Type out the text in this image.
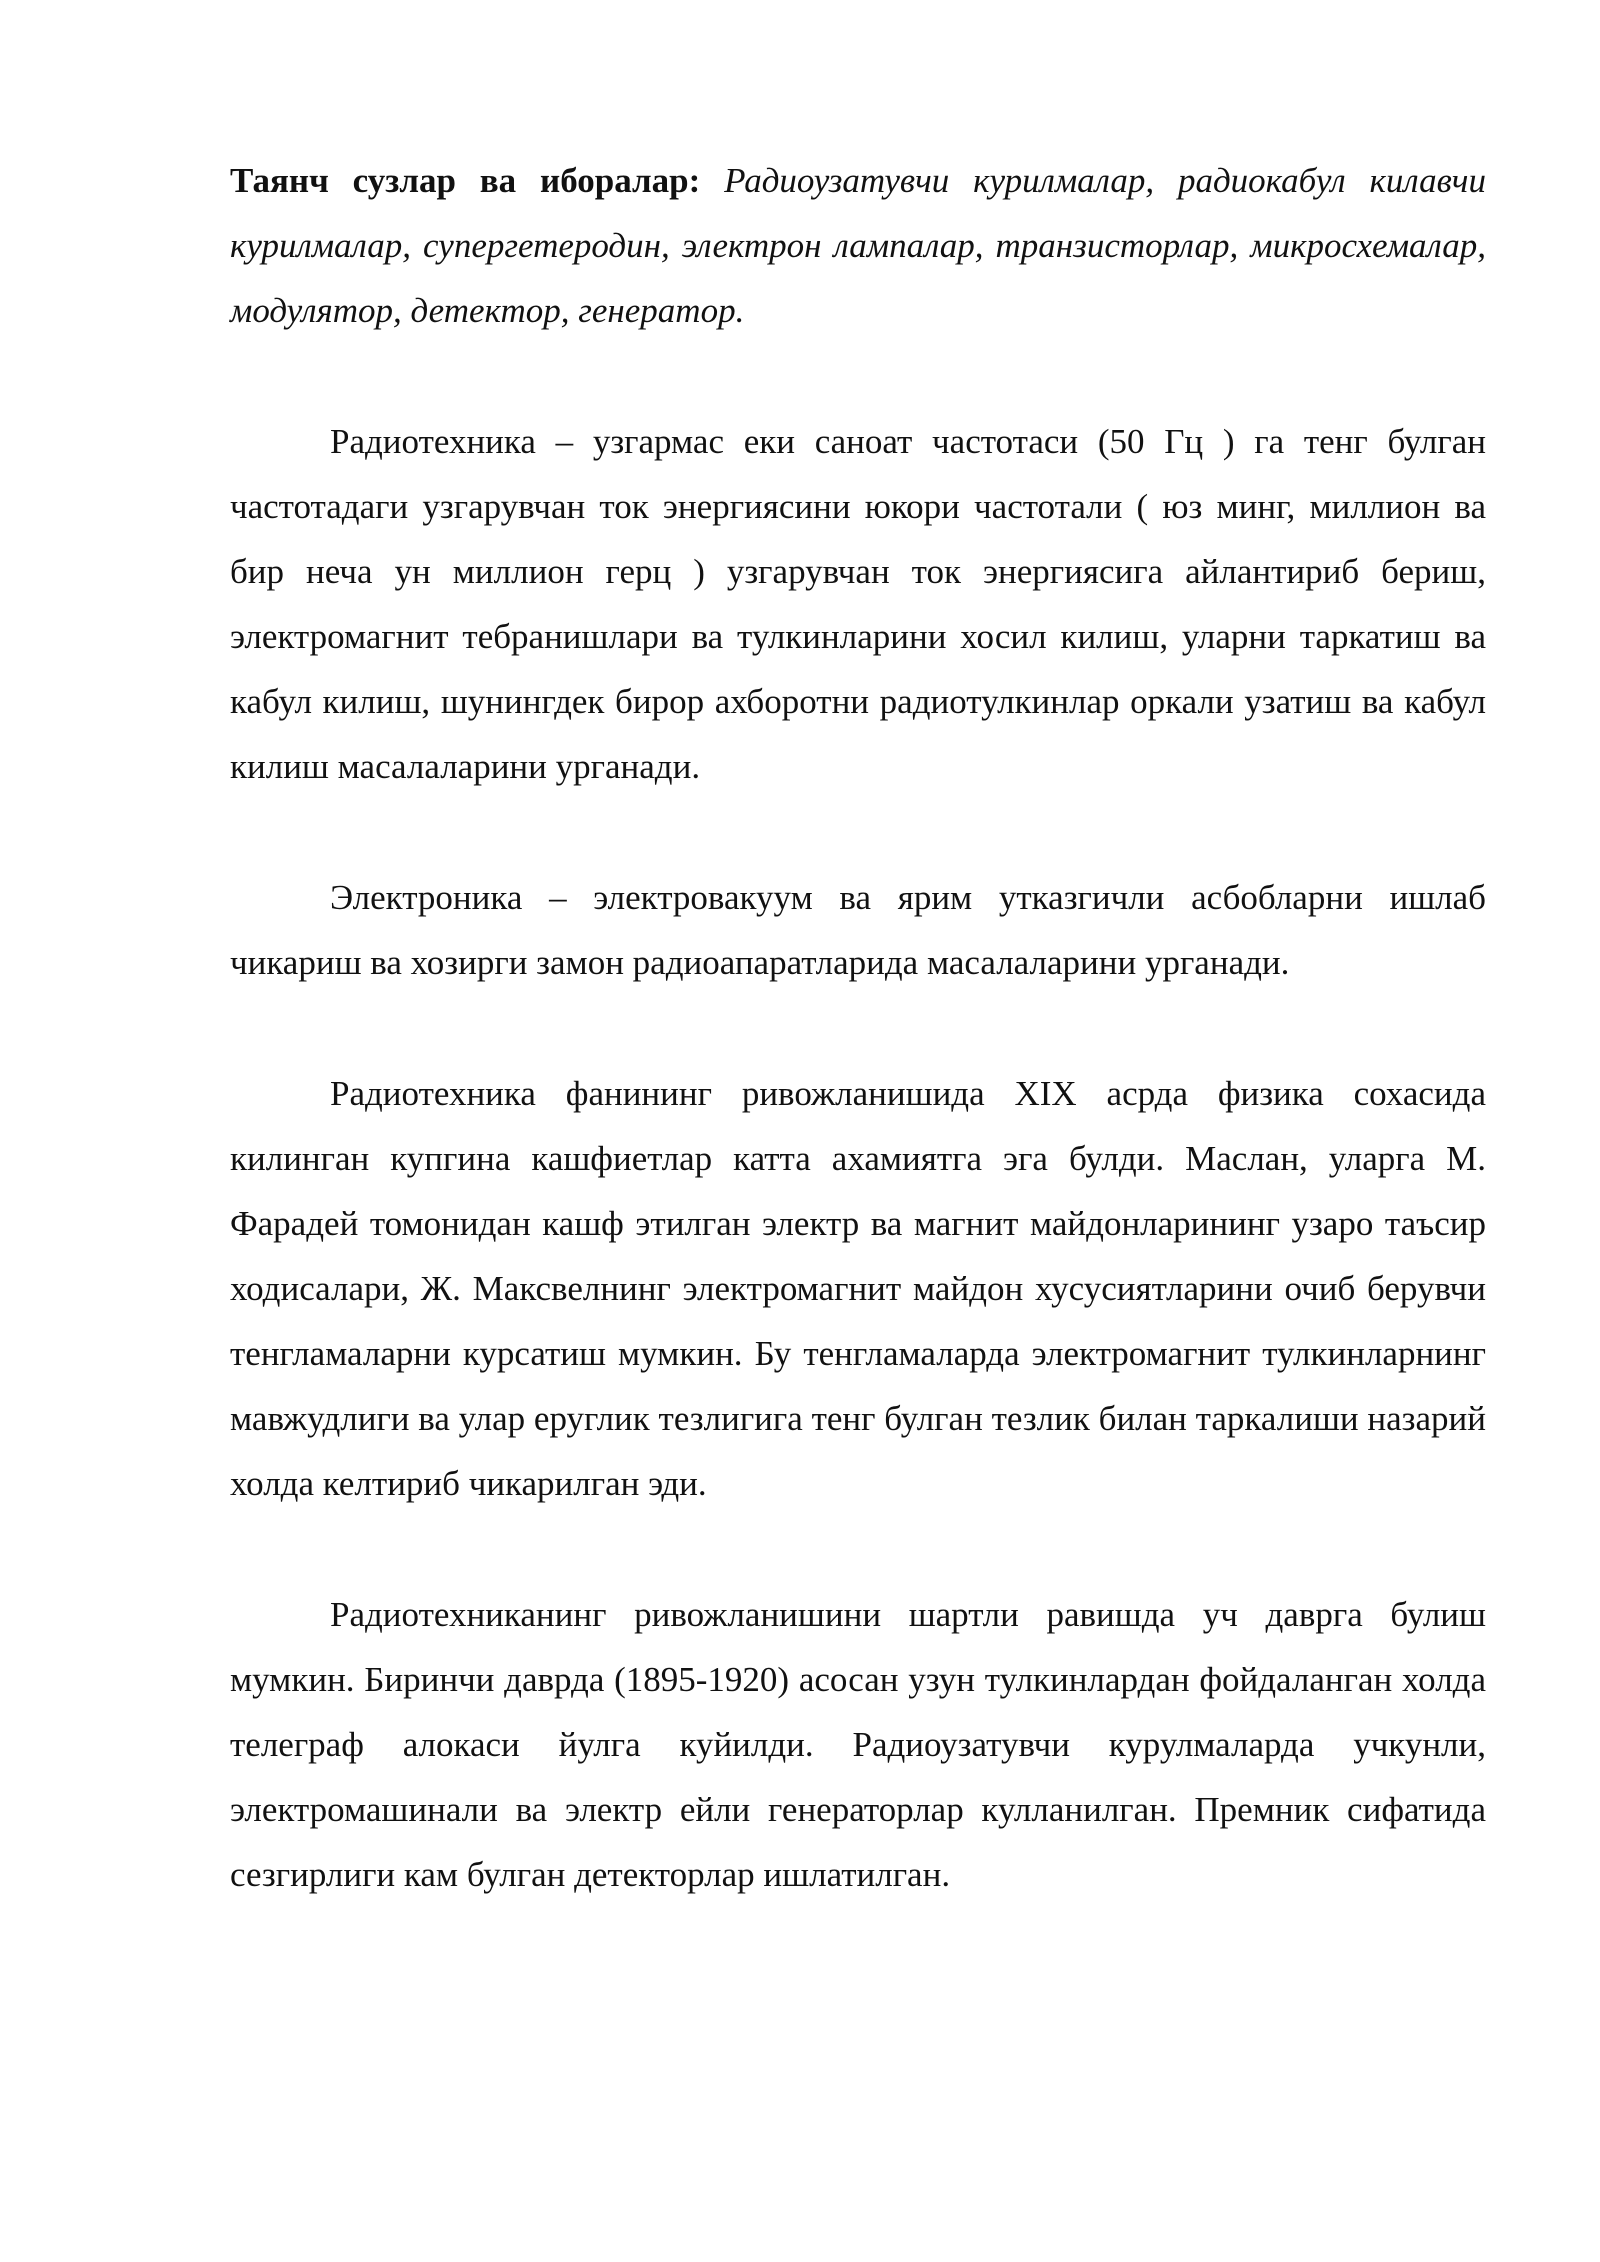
Таянч сузлар ва иборалар: Радиоузатувчи курилмалар, радиокабул килавчи курилмалар, супергетеродин, электрон лампалар, транзисторлар, микросхемалар, модулятор, детектор, генератор.

Радиотехника – узгармас еки саноат частотаси (50 Гц ) га тенг булган частотадаги узгарувчан ток энергиясини юкори частотали ( юз минг, миллион ва бир неча ун миллион герц ) узгарувчан ток энергиясига айлантириб бериш, электромагнит тебранишлари ва тулкинларини хосил килиш, уларни таркатиш ва кабул килиш, шунингдек бирор ахборотни радиотулкинлар оркали узатиш ва кабул килиш масалаларини урганади.

Электроника – электровакуум ва ярим утказгичли асбобларни ишлаб чикариш ва хозирги замон радиоапаратларида масалаларини урганади.

Радиотехника фанининг ривожланишида XIX асрда физика сохасида килинган купгина кашфиетлар катта ахамиятга эга булди. Маслан, уларга М. Фарадей томонидан кашф этилган электр ва магнит майдонларининг узаро таъсир ходисалари, Ж. Максвелнинг электромагнит майдон хусусиятларини очиб берувчи тенгламаларни курсатиш мумкин. Бу тенгламаларда электромагнит тулкинларнинг мавжудлиги ва улар еруглик тезлигига тенг булган тезлик билан таркалиши назарий холда келтириб чикарилган эди.

Радиотехниканинг ривожланишини шартли равишда уч даврга булиш мумкин. Биринчи даврда (1895-1920) асосан узун тулкинлардан фойдаланган холда телеграф алокаси йулга куйилди. Радиоузатувчи курулмаларда учкунли, электромашинали ва электр ейли генераторлар кулланилган. Премник сифатида сезгирлиги кам булган детекторлар ишлатилган.
